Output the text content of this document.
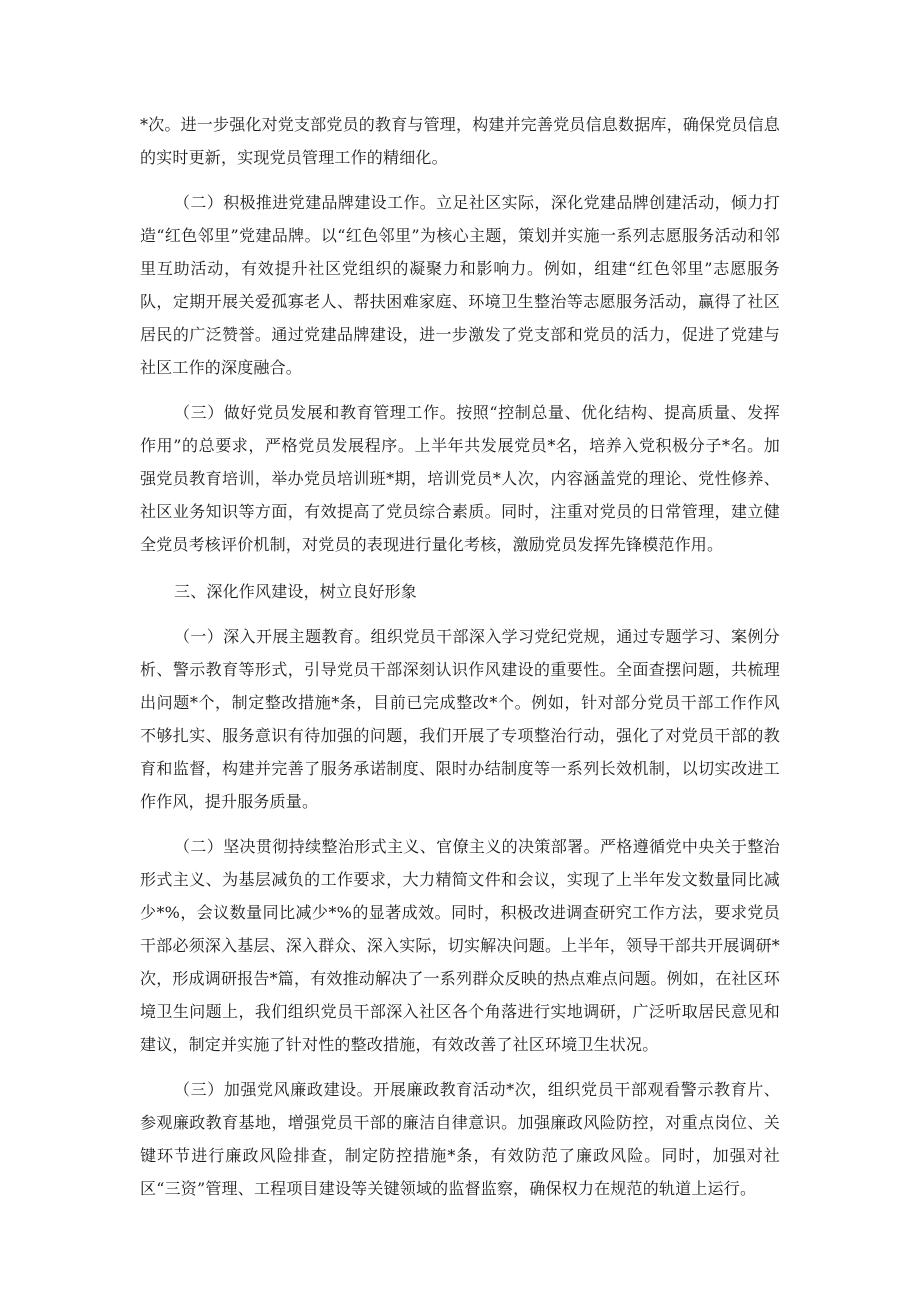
*次。进一步强化对党支部党员的教育与管理，构建并完善党员信息数据库，确保党员信息的实时更新，实现党员管理工作的精细化。

（二）积极推进党建品牌建设工作。立足社区实际，深化党建品牌创建活动，倾力打造“红色邻里”党建品牌。以“红色邻里”为核心主题，策划并实施一系列志愿服务活动和邻里互助活动，有效提升社区党组织的凝聚力和影响力。例如，组建“红色邻里”志愿服务队，定期开展关爱孤寡老人、帮扶困难家庭、环境卫生整治等志愿服务活动，赢得了社区居民的广泛赞誉。通过党建品牌建设，进一步激发了党支部和党员的活力，促进了党建与社区工作的深度融合。

（三）做好党员发展和教育管理工作。按照“控制总量、优化结构、提高质量、发挥作用”的总要求，严格党员发展程序。上半年共发展党员*名，培养入党积极分子*名。加强党员教育培训，举办党员培训班*期，培训党员*人次，内容涵盖党的理论、党性修养、社区业务知识等方面，有效提高了党员综合素质。同时，注重对党员的日常管理，建立健全党员考核评价机制，对党员的表现进行量化考核，激励党员发挥先锋模范作用。

三、深化作风建设，树立良好形象

（一）深入开展主题教育。组织党员干部深入学习党纪党规，通过专题学习、案例分析、警示教育等形式，引导党员干部深刻认识作风建设的重要性。全面查摆问题，共梳理出问题*个，制定整改措施*条，目前已完成整改*个。例如，针对部分党员干部工作作风不够扎实、服务意识有待加强的问题，我们开展了专项整治行动，强化了对党员干部的教育和监督，构建并完善了服务承诺制度、限时办结制度等一系列长效机制，以切实改进工作作风，提升服务质量。

（二）坚决贯彻持续整治形式主义、官僚主义的决策部署。严格遵循党中央关于整治形式主义、为基层减负的工作要求，大力精简文件和会议，实现了上半年发文数量同比减少*%，会议数量同比减少*%的显著成效。同时，积极改进调查研究工作方法，要求党员干部必须深入基层、深入群众、深入实际，切实解决问题。上半年，领导干部共开展调研*次，形成调研报告*篇，有效推动解决了一系列群众反映的热点难点问题。例如，在社区环境卫生问题上，我们组织党员干部深入社区各个角落进行实地调研，广泛听取居民意见和建议，制定并实施了针对性的整改措施，有效改善了社区环境卫生状况。

（三）加强党风廉政建设。开展廉政教育活动*次，组织党员干部观看警示教育片、参观廉政教育基地，增强党员干部的廉洁自律意识。加强廉政风险防控，对重点岗位、关键环节进行廉政风险排查，制定防控措施*条，有效防范了廉政风险。同时，加强对社区“三资”管理、工程项目建设等关键领域的监督监察，确保权力在规范的轨道上运行。
